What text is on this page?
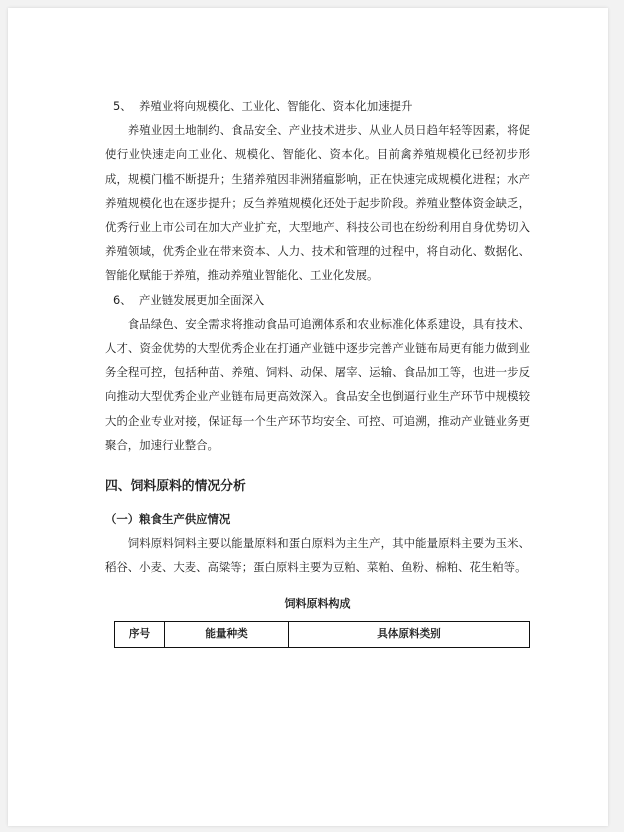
5、 养殖业将向规模化、工业化、智能化、资本化加速提升

养殖业因土地制约、食品安全、产业技术进步、从业人员日趋年轻等因素，将促使行业快速走向工业化、规模化、智能化、资本化。目前禽养殖规模化已经初步形成，规模门槛不断提升；生猪养殖因非洲猪瘟影响，正在快速完成规模化进程；水产养殖规模化也在逐步提升；反刍养殖规模化还处于起步阶段。养殖业整体资金缺乏，优秀行业上市公司在加大产业扩充，大型地产、科技公司也在纷纷利用自身优势切入养殖领域，优秀企业在带来资本、人力、技术和管理的过程中，将自动化、数据化、智能化赋能于养殖，推动养殖业智能化、工业化发展。

6、 产业链发展更加全面深入

食品绿色、安全需求将推动食品可追溯体系和农业标准化体系建设，具有技术、人才、资金优势的大型优秀企业在打通产业链中逐步完善产业链布局更有能力做到业务全程可控，包括种苗、养殖、饲料、动保、屠宰、运输、食品加工等，也进一步反向推动大型优秀企业产业链布局更高效深入。食品安全也倒逼行业生产环节中规模较大的企业专业对接，保证每一个生产环节均安全、可控、可追溯，推动产业链业务更聚合，加速行业整合。

四、饲料原料的情况分析
（一）粮食生产供应情况

饲料原料饲料主要以能量原料和蛋白原料为主生产，其中能量原料主要为玉米、稻谷、小麦、大麦、高粱等；蛋白原料主要为豆粕、菜粕、鱼粉、棉粕、花生粕等。

饲料原料构成
序号	能量种类	具体原料类别
